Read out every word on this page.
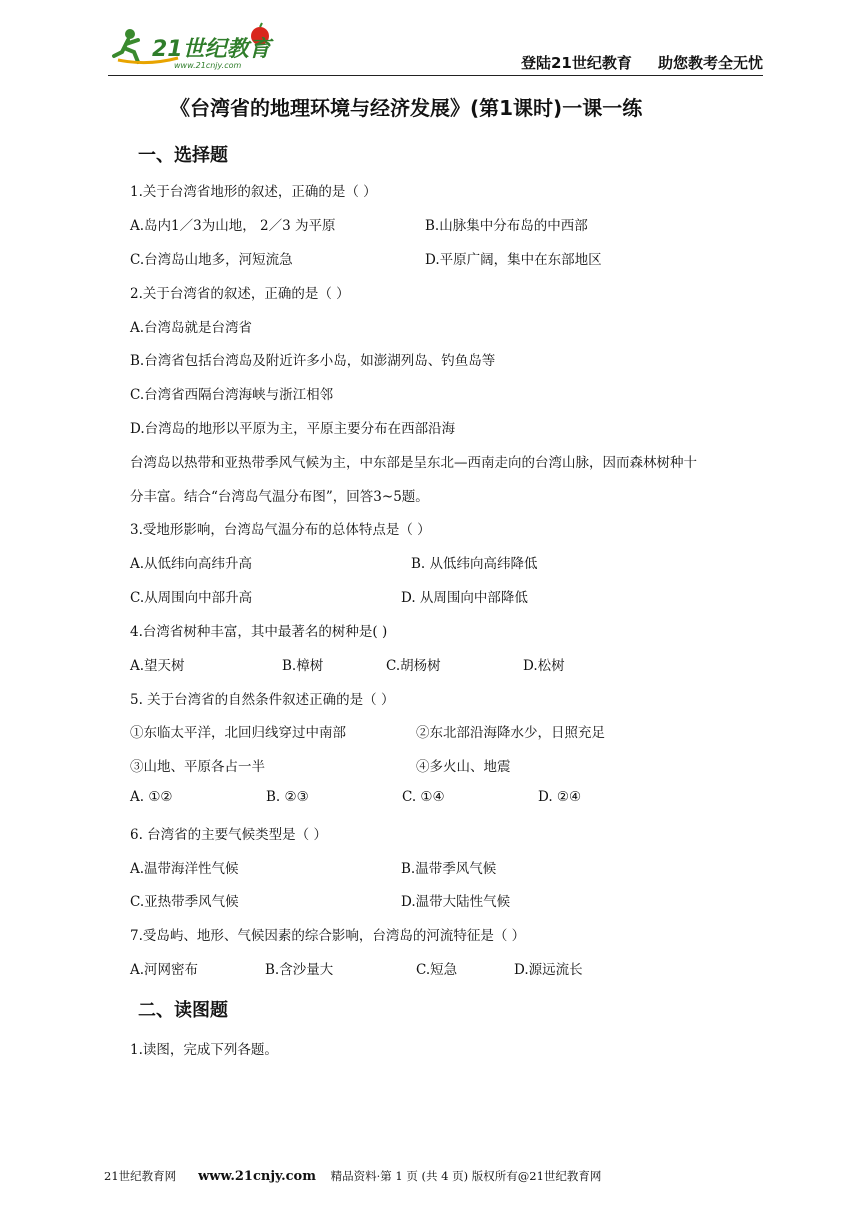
21世纪教育
www.21cnjy.com	登陆21世纪教育     助您教考全无忧
《台湾省的地理环境与经济发展》(第1课时)一课一练
一、选择题
1.关于台湾省地形的叙述，正确的是（ ）
A.岛内1／3为山地， 2／3 为平原	B.山脉集中分布岛的中西部
C.台湾岛山地多，河短流急	D.平原广阔，集中在东部地区
2.关于台湾省的叙述，正确的是（ ）
A.台湾岛就是台湾省
B.台湾省包括台湾岛及附近许多小岛，如澎湖列岛、钓鱼岛等
C.台湾省西隔台湾海峡与浙江相邻
D.台湾岛的地形以平原为主，平原主要分布在西部沿海
台湾岛以热带和亚热带季风气候为主，中东部是呈东北—西南走向的台湾山脉，因而森林树种十
分丰富。结合“台湾岛气温分布图”，回答3~5题。
3.受地形影响，台湾岛气温分布的总体特点是（ ）
A.从低纬向高纬升高	B. 从低纬向高纬降低
C.从周围向中部升高	D. 从周围向中部降低
4.台湾省树种丰富，其中最著名的树种是( )
A.望天树	B.樟树	C.胡杨树	D.松树
5. 关于台湾省的自然条件叙述正确的是（ ）
①东临太平洋，北回归线穿过中南部	②东北部沿海降水少，日照充足
③山地、平原各占一半	④多火山、地震
A. ①②	B. ②③	C. ①④	D. ②④
6. 台湾省的主要气候类型是（ ）
A.温带海洋性气候	B.温带季风气候
C.亚热带季风气候	D.温带大陆性气候
7.受岛屿、地形、气候因素的综合影响，台湾岛的河流特征是（ ）
A.河网密布	B.含沙量大	C.短急	D.源远流长
二、读图题
1.读图，完成下列各题。
21世纪教育网 www.21cnjy.com 精品资料·第 1 页 (共 4 页) 版权所有@21世纪教育网
